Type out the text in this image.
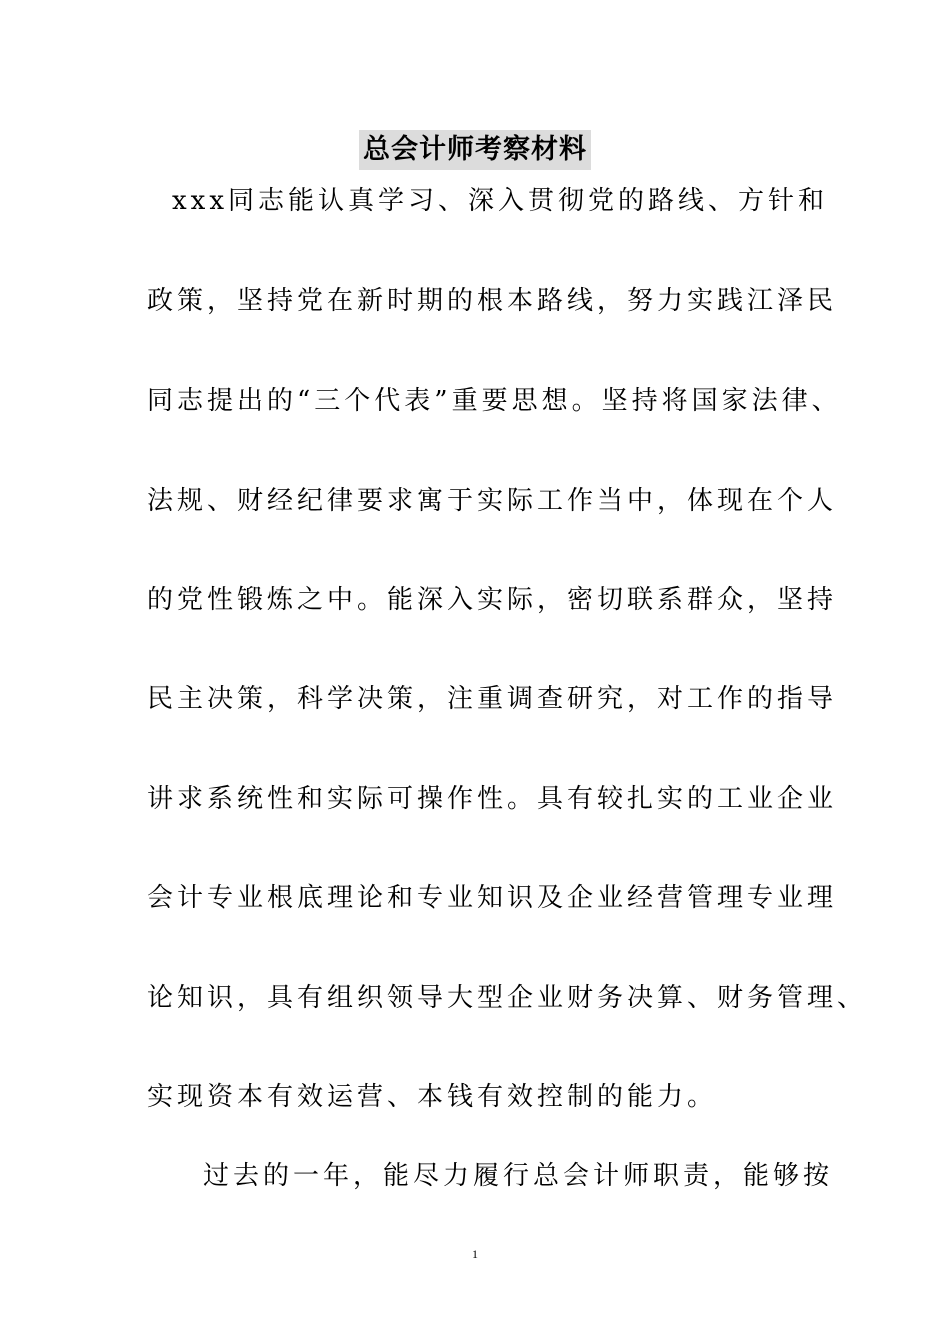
总会计师考察材料
xxx同志能认真学习、深入贯彻党的路线、方针和
政策，坚持党在新时期的根本路线，努力实践江泽民
同志提出的“三个代表”重要思想。坚持将国家法律、
法规、财经纪律要求寓于实际工作当中，体现在个人
的党性锻炼之中。能深入实际，密切联系群众，坚持
民主决策，科学决策，注重调查研究，对工作的指导
讲求系统性和实际可操作性。具有较扎实的工业企业
会计专业根底理论和专业知识及企业经营管理专业理
论知识，具有组织领导大型企业财务决算、财务管理、
实现资本有效运营、本钱有效控制的能力。
过去的一年，能尽力履行总会计师职责，能够按
1
